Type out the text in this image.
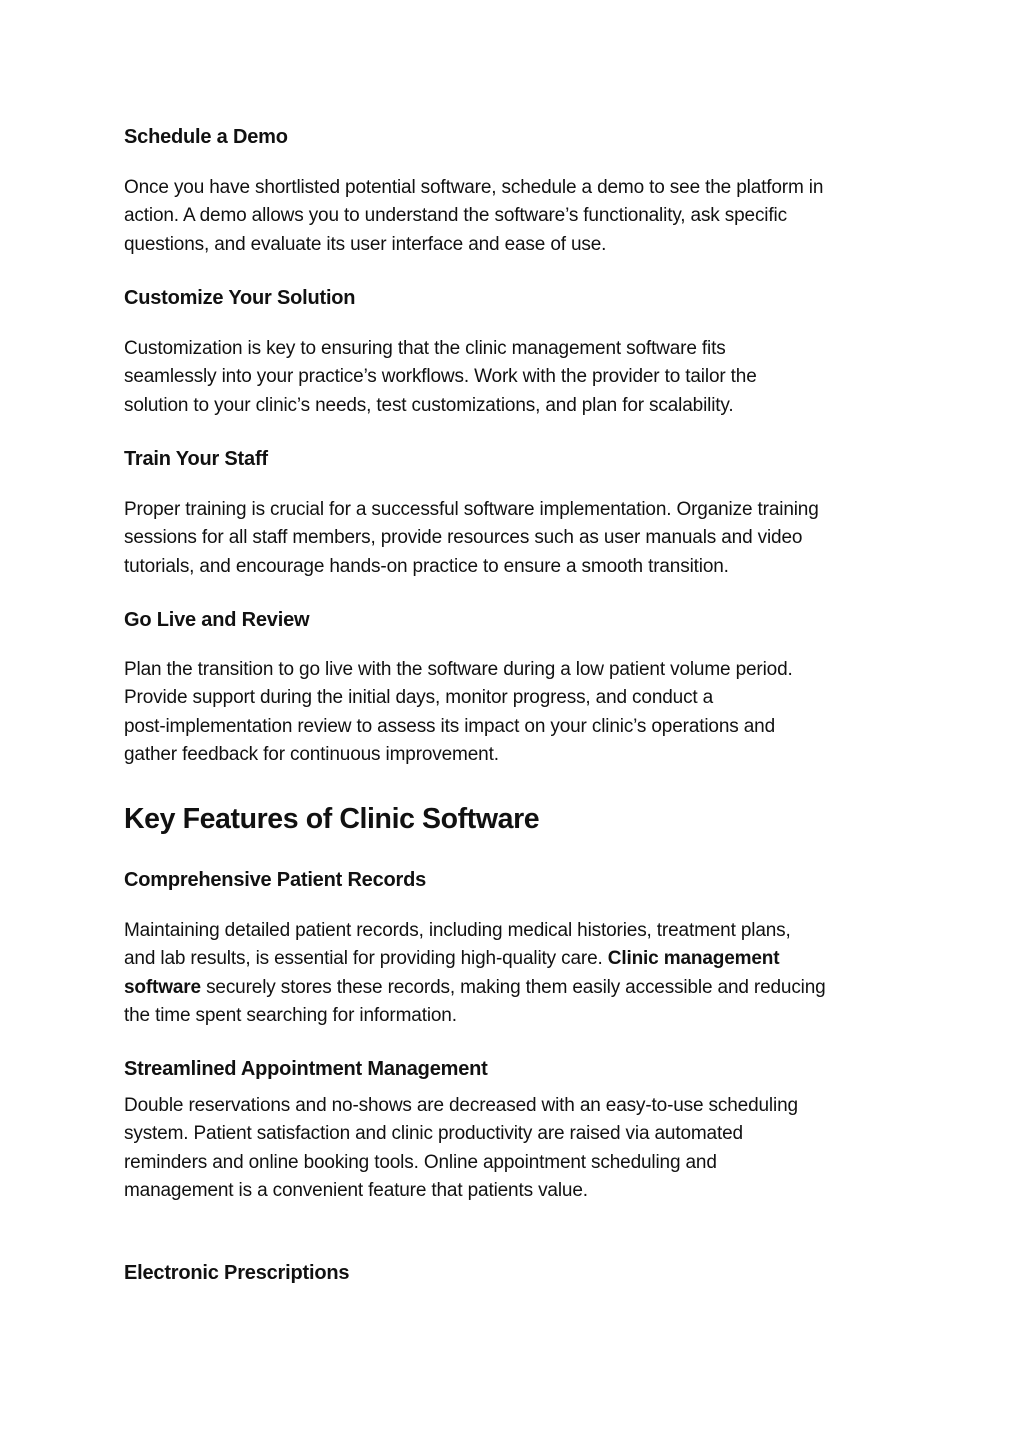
Schedule a Demo

Once you have shortlisted potential software, schedule a demo to see the platform in
action. A demo allows you to understand the software’s functionality, ask specific
questions, and evaluate its user interface and ease of use.

Customize Your Solution

Customization is key to ensuring that the clinic management software fits
seamlessly into your practice’s workflows. Work with the provider to tailor the
solution to your clinic’s needs, test customizations, and plan for scalability.

Train Your Staff

Proper training is crucial for a successful software implementation. Organize training
sessions for all staff members, provide resources such as user manuals and video
tutorials, and encourage hands-on practice to ensure a smooth transition.

Go Live and Review

Plan the transition to go live with the software during a low patient volume period.
Provide support during the initial days, monitor progress, and conduct a
post-implementation review to assess its impact on your clinic’s operations and
gather feedback for continuous improvement.

Key Features of Clinic Software
Comprehensive Patient Records

Maintaining detailed patient records, including medical histories, treatment plans,
and lab results, is essential for providing high-quality care. Clinic management
software securely stores these records, making them easily accessible and reducing
the time spent searching for information.

Streamlined Appointment Management

Double reservations and no-shows are decreased with an easy-to-use scheduling
system. Patient satisfaction and clinic productivity are raised via automated
reminders and online booking tools. Online appointment scheduling and
management is a convenient feature that patients value.

Electronic Prescriptions
